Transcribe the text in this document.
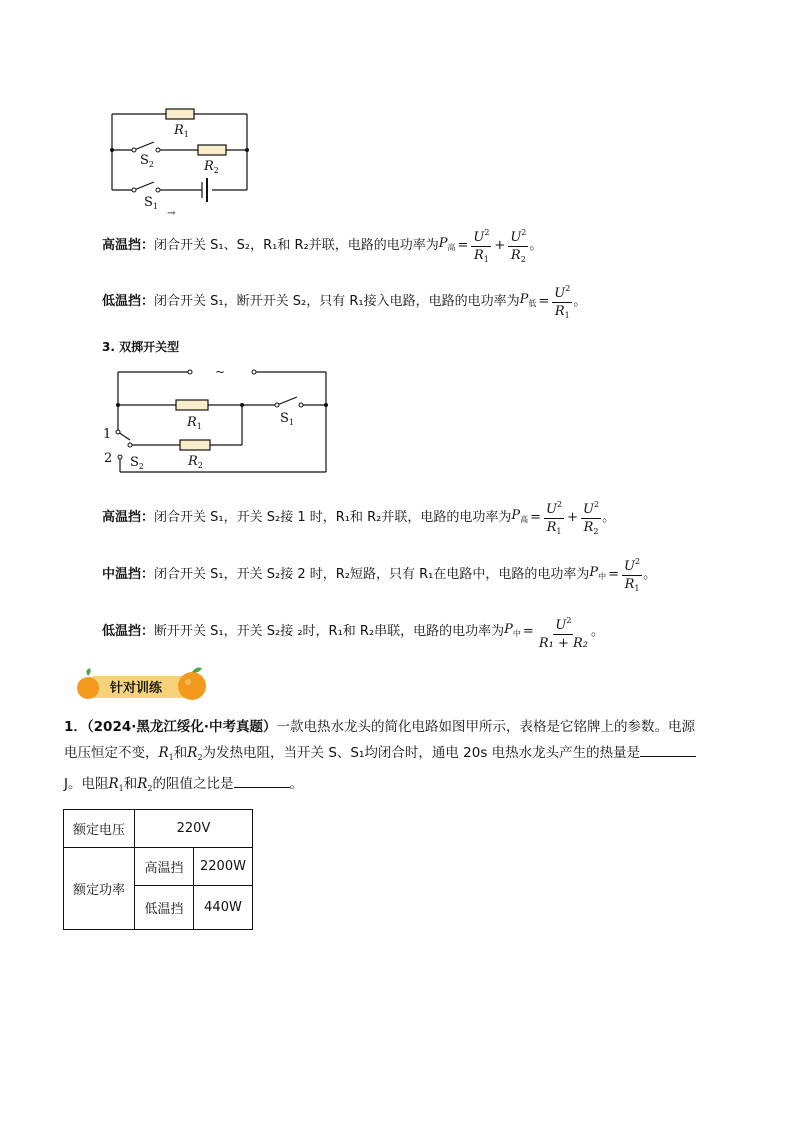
$R_1$
$R_2$
$S_2$
$S_1$
→
高温挡： 闭合开关 S₁、S₂，R₁和 R₂并联，电路的电功率为 $P_高 = \frac{U^2}{R_1} + \frac{U^2}{R_2}$ 。
低温挡： 闭合开关 S₁，断开开关 S₂，只有 R₁接入电路，电路的电功率为 $P_低 = \frac{U^2}{R_1}$ 。
3. 双掷开关型
~
$S_1$
$R_1$
$R_2$
$S_2$
1
2
高温挡： 闭合开关 S₁，开关 S₂接 1 时，R₁和 R₂并联，电路的电功率为 $P_高 = \frac{U^2}{R_1} + \frac{U^2}{R_2}$ 。
中温挡： 闭合开关 S₁，开关 S₂接 2 时，R₂短路，只有 R₁在电路中，电路的电功率为 $P_中 = \frac{U^2}{R_1}$ 。
低温挡： 断开开关 S₁，开关 S₂接 ₂时，R₁和 R₂串联，电路的电功率为 $P_中 = \frac{U^2}{\text{R₁ + R₂}}$ 。
针对训练
1．（2024·黑龙江绥化·中考真题）一款电热水龙头的简化电路如图甲所示，表格是它铭牌上的参数。电源
电压恒定不变，$R_1$和$R_2$为发热电阻，当开关 S、S₁均闭合时，通电 20s 电热水龙头产生的热量是
J。电阻$R_1$和$R_2$的阻值之比是	。
额定电压	220V	
额定功率	高温挡	2200W
	低温挡	440W
